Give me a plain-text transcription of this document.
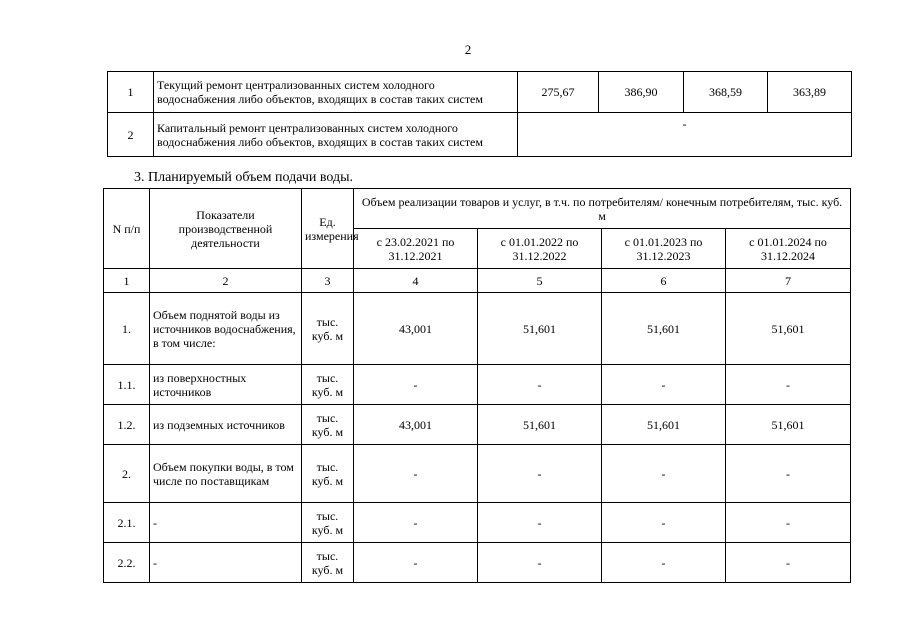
2
1	Текущий ремонт централизованных систем холодного водоснабжения либо объектов, входящих в состав таких систем	275,67	386,90	368,59	363,89
2	Капитальный ремонт централизованных систем холодного водоснабжения либо объектов, входящих в состав таких систем	-			
3. Планируемый объем подачи воды.
N п/п	Показатели производственной деятельности	Ед. измерения	Объем реализации товаров и услуг, в т.ч. по потребителям/ конечным потребителям, тыс. куб. м			
			с 23.02.2021 по 31.12.2021	с 01.01.2022 по 31.12.2022	с 01.01.2023 по 31.12.2023	с 01.01.2024 по 31.12.2024
1	2	3	4	5	6	7
1.	Объем поднятой воды из источников водоснабжения, в том числе:	тыс. куб. м	43,001	51,601	51,601	51,601
1.1.	из поверхностных источников	тыс. куб. м	-	-	-	-
1.2.	из подземных источников	тыс. куб. м	43,001	51,601	51,601	51,601
2.	Объем покупки воды, в том числе по поставщикам	тыс. куб. м	-	-	-	-
2.1.	-	тыс. куб. м	-	-	-	-
2.2.	-	тыс. куб. м	-	-	-	-
